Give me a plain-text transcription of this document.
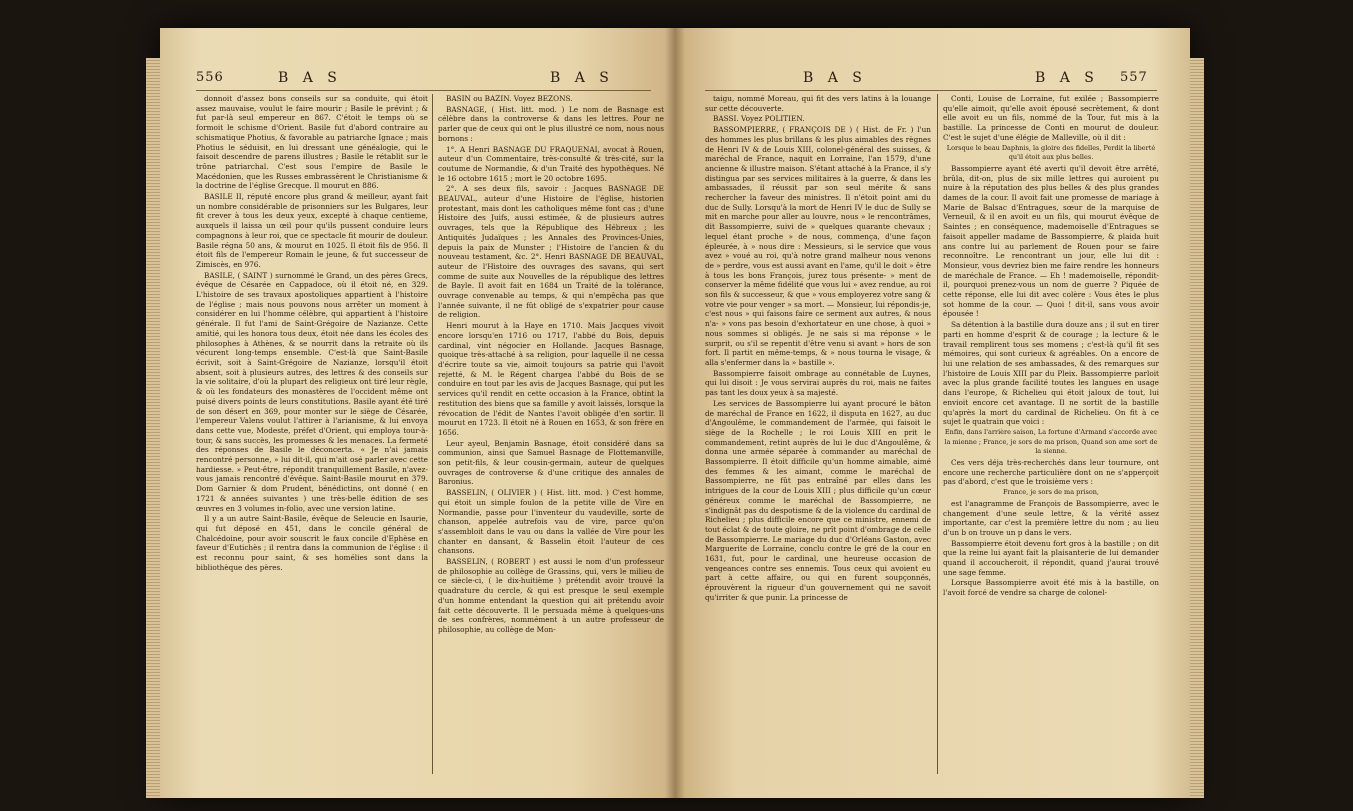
556	B A S	B A S

donnoit d'assez bons conseils sur sa conduite, qui étoit assez mauvaise, voulut le faire mourir ; Basile le prévint ; & fut par-là seul empereur en 867. C'étoit le temps où se formoit le schisme d'Orient. Basile fut d'abord contraire au schismatique Photius, & favorable au patriarche Ignace ; mais Photius le séduisit, en lui dressant une généalogie, qui le faisoit descendre de parens illustres ; Basile le rétablit sur le trône patriarchal. C'est sous l'empire de Basile le Macédonien, que les Russes embrassèrent le Christianisme & la doctrine de l'église Grecque. Il mourut en 886.

BASILE II, réputé encore plus grand & meilleur, ayant fait un nombre considérable de prisonniers sur les Bulgares, leur fit crever à tous les deux yeux, excepté à chaque centieme, auxquels il laissa un œil pour qu'ils pussent conduire leurs compagnons à leur roi, que ce spectacle fit mourir de douleur. Basile régna 50 ans, & mourut en 1025. Il étoit fils de 956. Il étoit fils de l'empereur Romain le jeune, & fut successeur de Zimiscès, en 976.

BASILE, ( SAINT ) surnommé le Grand, un des pères Grecs, évêque de Césarée en Cappadoce, où il étoit né, en 329. L'histoire de ses travaux apostoliques appartient à l'histoire de l'église ; mais nous pouvons nous arrêter un moment à considérer en lui l'homme célèbre, qui appartient à l'histoire générale. Il fut l'ami de Saint-Grégoire de Nazianze. Cette amitié, qui les honora tous deux, étoit née dans les écoles des philosophes à Athènes, & se nourrit dans la retraite où ils vécurent long-temps ensemble. C'est-là que Saint-Basile écrivit, soit à Saint-Grégoire de Nazianze, lorsqu'il étoit absent, soit à plusieurs autres, des lettres & des conseils sur la vie solitaire, d'où la plupart des religieux ont tiré leur règle, & où les fondateurs des monastères de l'occident même ont puisé divers points de leurs constitutions. Basile ayant été tiré de son désert en 369, pour monter sur le siège de Césarée, l'empereur Valens voulut l'attirer à l'arianisme, & lui envoya dans cette vue, Modeste, préfet d'Orient, qui employa tour-à-tour, & sans succès, les promesses & les menaces. La fermeté des réponses de Basile le déconcerta. « Je n'ai jamais rencontré personne, » lui dit-il, qui m'ait osé parler avec cette hardiesse. » Peut-être, répondit tranquillement Basile, n'avez-vous jamais rencontré d'évêque. Saint-Basile mourut en 379. Dom Garnier & dom Prudent, bénédictins, ont donné ( en 1721 & années suivantes ) une très-belle édition de ses œuvres en 3 volumes in-folio, avec une version latine.

Il y a un autre Saint-Basile, évêque de Seleucie en Isaurie, qui fut déposé en 451, dans le concile général de Chalcédoine, pour avoir souscrit le faux concile d'Ephèse en faveur d'Eutichès ; il rentra dans la communion de l'église : il est reconnu pour saint, & ses homélies sont dans la bibliothèque des pères.

BASIN ou BAZIN. Voyez BEZONS.

BASNAGE, ( Hist. litt. mod. ) Le nom de Basnage est célèbre dans la controverse & dans les lettres. Pour ne parler que de ceux qui ont le plus illustré ce nom, nous nous bornons :

1°. A Henri BASNAGE DU FRAQUENAI, avocat à Rouen, auteur d'un Commentaire, très-consulté & très-cité, sur la coutume de Normandie, & d'un Traité des hypothèques. Né le 16 octobre 1615 ; mort le 20 octobre 1695.

2°. A ses deux fils, savoir : Jacques BASNAGE DE BEAUVAL, auteur d'une Histoire de l'église, historien protestant, mais dont les catholiques même font cas ; d'une Histoire des Juifs, aussi estimée, & de plusieurs autres ouvrages, tels que la République des Hébreux ; les Antiquités Judaïques ; les Annales des Provinces-Unies, depuis la paix de Munster ; l'Histoire de l'ancien & du nouveau testament, &c. 2°. Henri BASNAGE DE BEAUVAL, auteur de l'Histoire des ouvrages des savans, qui sert comme de suite aux Nouvelles de la république des lettres de Bayle. Il avoit fait en 1684 un Traité de la tolérance, ouvrage convenable au temps, & qui n'empêcha pas que l'année suivante, il ne fût obligé de s'expatrier pour cause de religion.

Henri mourut à la Haye en 1710. Mais Jacques vivoit encore lorsqu'en 1716 ou 1717, l'abbé du Bois, depuis cardinal, vint négocier en Hollande. Jacques Basnage, quoique très-attaché à sa religion, pour laquelle il ne cessa d'écrire toute sa vie, aimoit toujours sa patrie qui l'avoit rejetté, & M. le Régent chargea l'abbé du Bois de se conduire en tout par les avis de Jacques Basnage, qui put les services qu'il rendit en cette occasion à la France, obtint la restitution des biens que sa famille y avoit laissés, lorsque la révocation de l'édit de Nantes l'avoit obligée d'en sortir. Il mourut en 1723. Il étoit né à Rouen en 1653, & son frère en 1656.

Leur ayeul, Benjamin Basnage, étoit considéré dans sa communion, ainsi que Samuel Basnage de Flottemanville, son petit-fils, & leur cousin-germain, auteur de quelques ouvrages de controverse & d'une critique des annales de Baronius.

BASSELIN, ( OLIVIER ) ( Hist. litt. mod. ) C'est homme, qui étoit un simple foulon de la petite ville de Vire en Normandie, passe pour l'inventeur du vaudeville, sorte de chanson, appelée autrefois vau de vire, parce qu'on s'assembloit dans le vau ou dans la vallée de Vire pour les chanter en dansant, & Basselin étoit l'auteur de ces chansons.

BASSELIN, ( ROBERT ) est aussi le nom d'un professeur de philosophie au collège de Grassins, qui, vers le milieu de ce siècle-ci, ( le dix-huitième ) prétendit avoir trouvé la quadrature du cercle, & qui est presque le seul exemple d'un homme entendant la question qui ait prétendu avoir fait cette découverte. Il le persuada même à quelques-uns de ses confrères, nommément à un autre professeur de philosophie, au collège de Mon-

B A S	B A S 557

taigu, nommé Moreau, qui fit des vers latins à la louange sur cette découverte.

BASSI. Voyez POLITIEN.

BASSOMPIERRE, ( FRANÇOIS DE ) ( Hist. de Fr. ) l'un des hommes les plus brillans & les plus aimables des règnes de Henri IV & de Louis XIII, colonel-général des suisses, & maréchal de France, naquit en Lorraine, l'an 1579, d'une ancienne & illustre maison. S'étant attaché à la France, il s'y distingua par ses services militaires à la guerre, & dans les ambassades, il réussit par son seul mérite & sans rechercher la faveur des ministres. Il n'étoit point ami du duc de Sully. Lorsqu'à la mort de Henri IV le duc de Sully se mit en marche pour aller au louvre, nous » le rencontrâmes, dit Bassompierre, suivi de » quelques quarante chevaux ; lequel étant proche » de nous, commença, d'une façon épleurée, à » nous dire : Messieurs, si le service que vous avez » voué au roi, qu'à notre grand malheur nous venons de » perdre, vous est aussi avant en l'ame, qu'il le doit » être à tous les bons François, jurez tous présente- » ment de conserver la même fidélité que vous lui » avez rendue, au roi son fils & successeur, & que » vous employerez votre sang & votre vie pour venger » sa mort. — Monsieur, lui répondis-je, c'est nous » qui faisons faire ce serment aux autres, & nous n'a- » vons pas besoin d'exhortateur en une chose, à quoi » nous sommes si obligés. Je ne sais si ma réponse » le surprit, ou s'il se repentit d'être venu si avant » hors de son fort. Il partit en même-temps, & » nous tourna le visage, & alla s'enfermer dans la » bastille ».

Bassompierre faisoit ombrage au connétable de Luynes, qui lui disoit : Je vous servirai auprès du roi, mais ne faites pas tant les doux yeux à sa majesté.

Les services de Bassompierre lui ayant procuré le bâton de maréchal de France en 1622, il disputa en 1627, au duc d'Angoulême, le commandement de l'armée, qui faisoit le siège de la Rochelle ; le roi Louis XIII en prit le commandement, retint auprès de lui le duc d'Angoulême, & donna une armée séparée à commander au maréchal de Bassompierre. Il étoit difficile qu'un homme aimable, aimé des femmes & les aimant, comme le maréchal de Bassompierre, ne fût pas entraîné par elles dans les intrigues de la cour de Louis XIII ; plus difficile qu'un cœur généreux comme le maréchal de Bassompierre, ne s'indignât pas du despotisme & de la violence du cardinal de Richelieu ; plus difficile encore que ce ministre, ennemi de tout éclat & de toute gloire, ne prît point d'ombrage de celle de Bassompierre. Le mariage du duc d'Orléans Gaston, avec Marguerite de Lorraine, conclu contre le gré de la cour en 1631, fut, pour le cardinal, une heureuse occasion de vengeances contre ses ennemis. Tous ceux qui avoient eu part à cette affaire, ou qui en furent soupçonnés, éprouvèrent la rigueur d'un gouvernement qui ne savoit qu'irriter & que punir. La princesse de

Conti, Louise de Lorraine, fut exilée ; Bassompierre qu'elle aimoit, qu'elle avoit épousé secrètement, & dont elle avoit eu un fils, nommé de la Tour, fut mis à la bastille. La princesse de Conti en mourut de douleur. C'est le sujet d'une élégie de Malleville, où il dit :

Lorsque le beau Daphnis, la gloire des fidelles, Perdit la liberté qu'il étoit aux plus belles.

Bassompierre ayant été averti qu'il devoit être arrêté, brûla, dit-on, plus de six mille lettres qui auroient pu nuire à la réputation des plus belles & des plus grandes dames de la cour. Il avoit fait une promesse de mariage à Marie de Balsac d'Entragues, sœur de la marquise de Verneuil, & il en avoit eu un fils, qui mourut évêque de Saintes ; en conséquence, mademoiselle d'Entragues se faisoit appeller madame de Bassompierre, & plaida huit ans contre lui au parlement de Rouen pour se faire reconnoître. Le rencontrant un jour, elle lui dit : Monsieur, vous devriez bien me faire rendre les honneurs de maréchale de France. — Eh ! mademoiselle, répondit-il, pourquoi prenez-vous un nom de guerre ? Piquée de cette réponse, elle lui dit avec colère : Vous êtes le plus sot homme de la cour. — Quoi ! dit-il, sans vous avoir épousée !

Sa détention à la bastille dura douze ans ; il sut en tirer parti en homme d'esprit & de courage ; la lecture & le travail remplirent tous ses momens ; c'est-là qu'il fit ses mémoires, qui sont curieux & agréables. On a encore de lui une relation de ses ambassades, & des remarques sur l'histoire de Louis XIII par du Pleix. Bassompierre parloit avec la plus grande facilité toutes les langues en usage dans l'europe, & Richelieu qui étoit jaloux de tout, lui envioit encore cet avantage. Il ne sortit de la bastille qu'après la mort du cardinal de Richelieu. On fit à ce sujet le quatrain que voici :

Enfin, dans l'arrière saison, La fortune d'Armand s'accorde avec la mienne ; France, je sors de ma prison, Quand son ame sort de la sienne.

Ces vers déja très-recherchés dans leur tournure, ont encore une recherche particulière dont on ne s'apperçoit pas d'abord, c'est que le troisième vers :

France, je sors de ma prison,

est l'anagramme de François de Bassompierre, avec le changement d'une seule lettre, & la vérité assez importante, car c'est la première lettre du nom ; au lieu d'un b on trouve un p dans le vers.

Bassompierre étoit devenu fort gros à la bastille ; on dit que la reine lui ayant fait la plaisanterie de lui demander quand il accoucheroit, il répondit, quand j'aurai trouvé une sage femme.

Lorsque Bassompierre avoit été mis à la bastille, on l'avoit forcé de vendre sa charge de colonel-
